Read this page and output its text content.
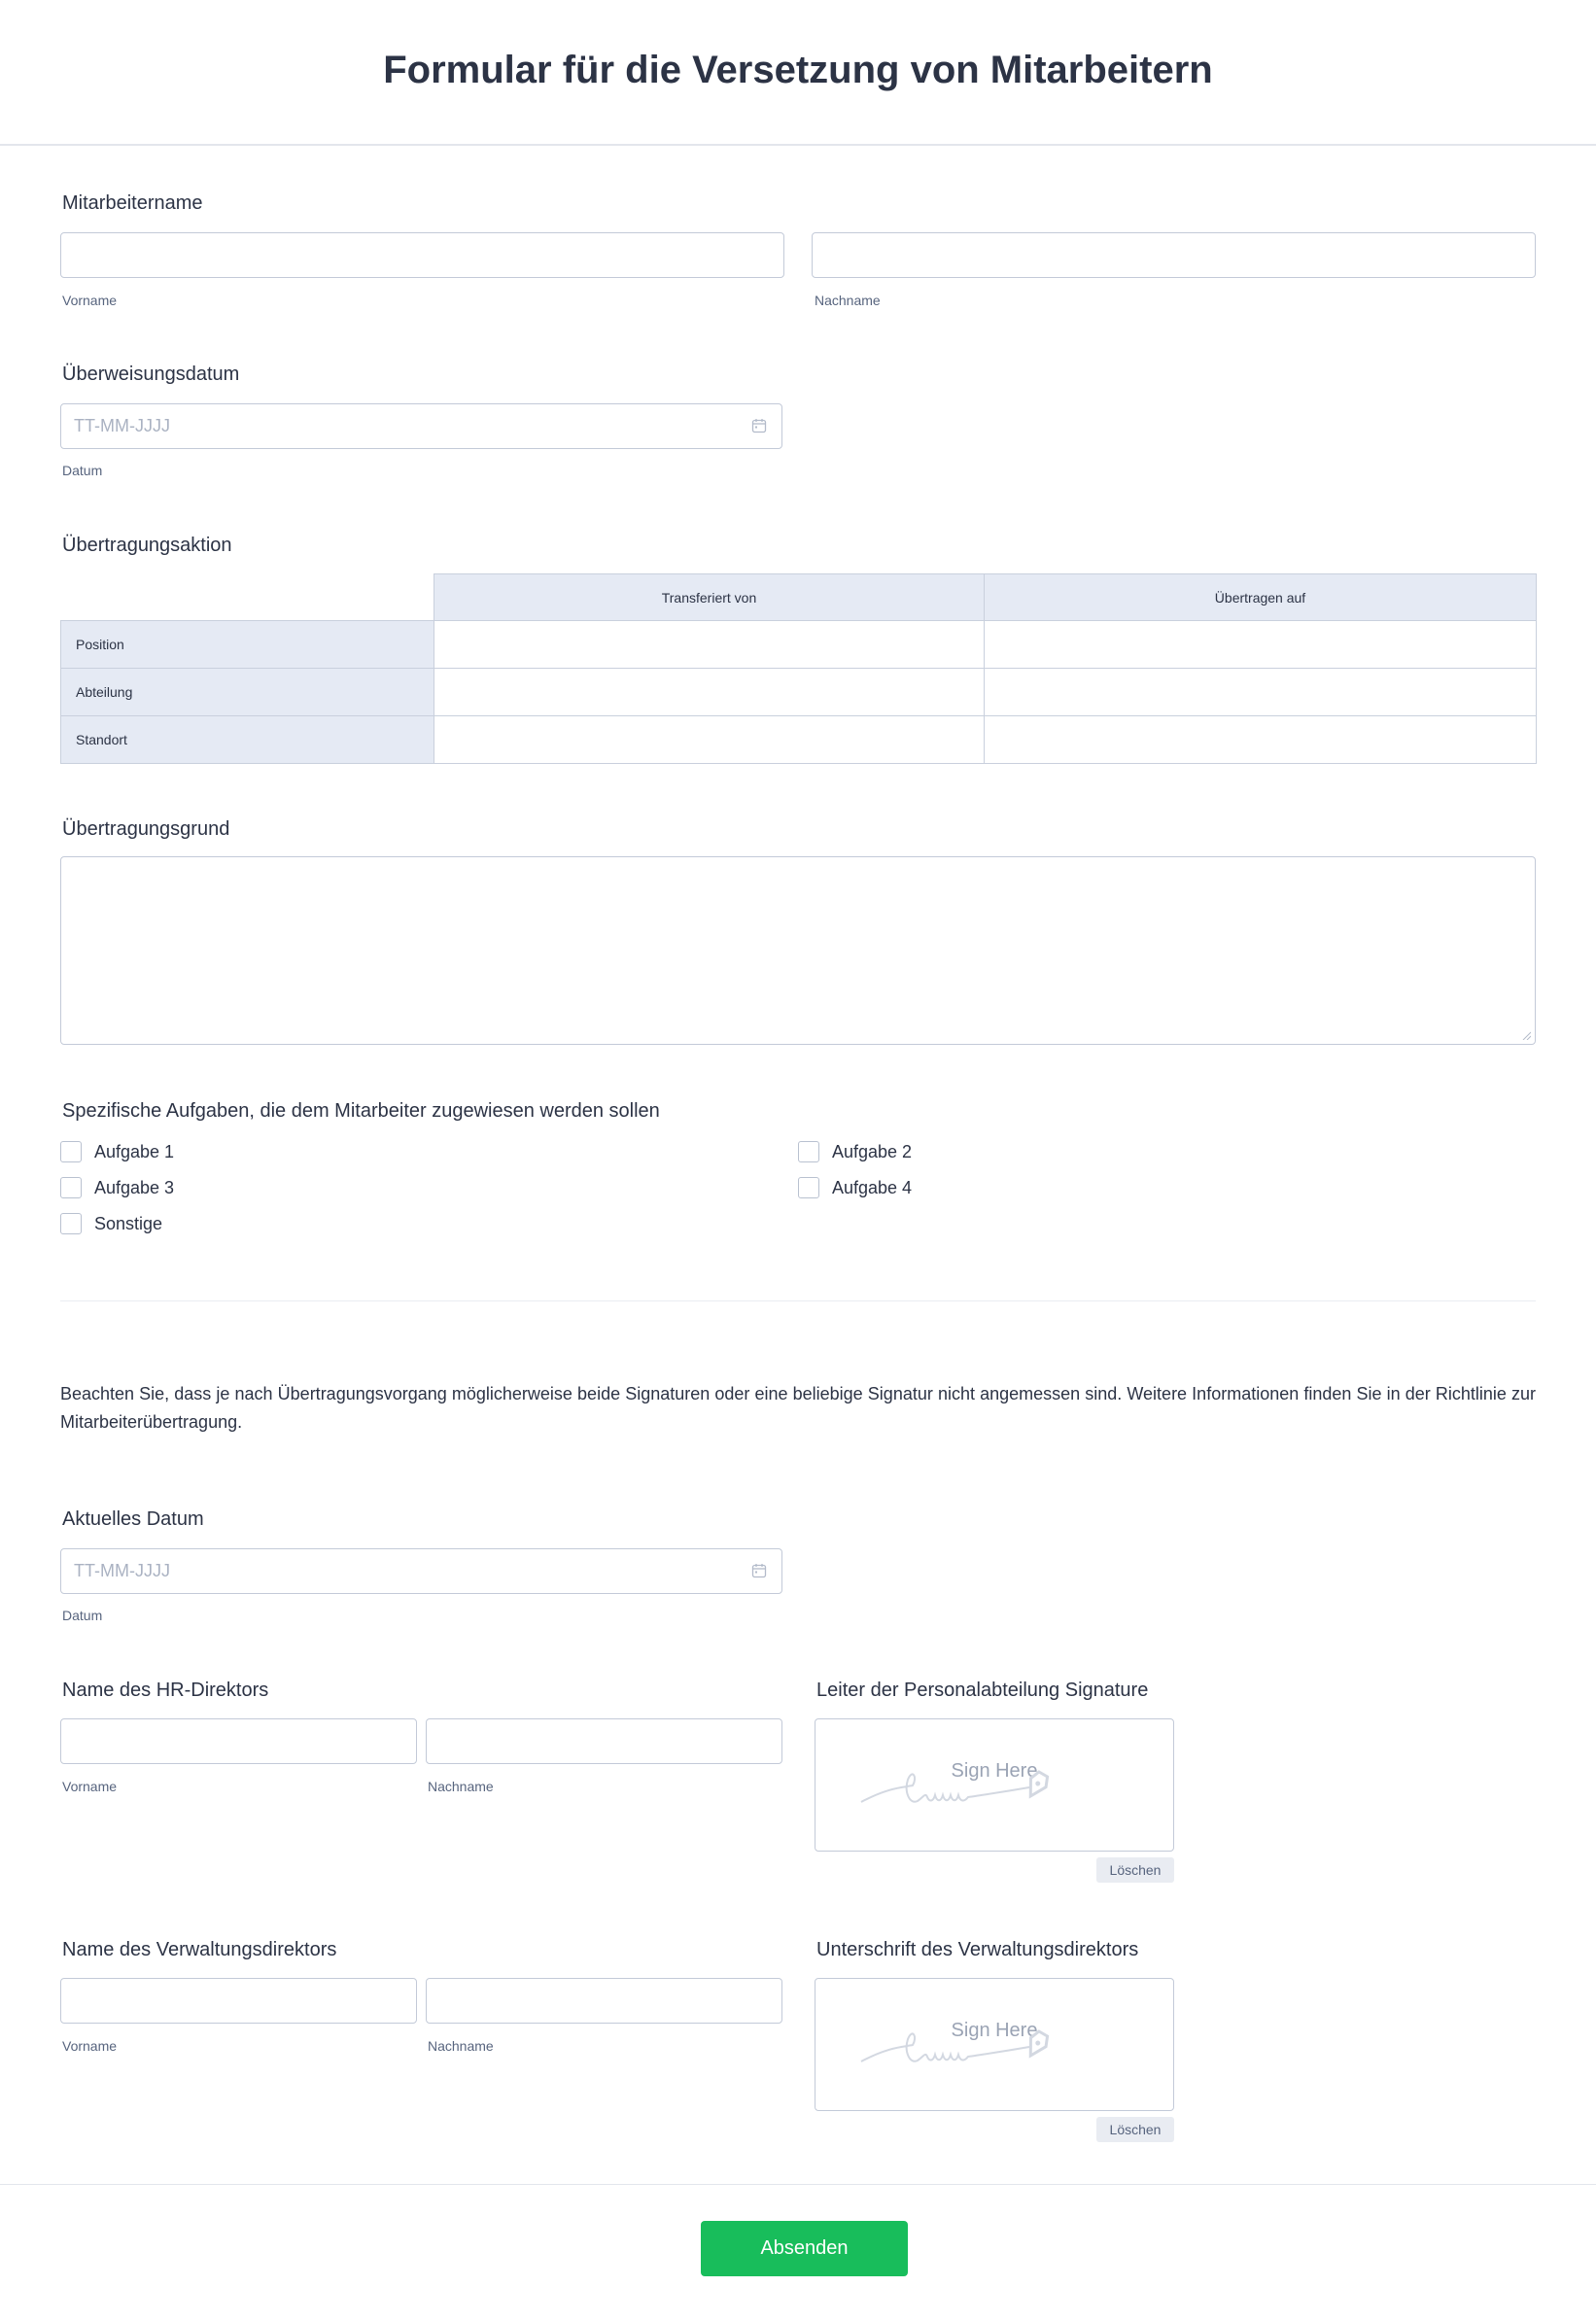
Formular für die Versetzung von Mitarbeitern
Mitarbeitername
Vorname	Nachname
Überweisungsdatum
TT-MM-JJJJ
Datum
Übertragungsaktion
	Transferiert von	Übertragen auf
Position		
Abteilung		
Standort		
Übertragungsgrund
Spezifische Aufgaben, die dem Mitarbeiter zugewiesen werden sollen
Aufgabe 1	Aufgabe 2
Aufgabe 3	Aufgabe 4
Sonstige
Beachten Sie, dass je nach Übertragungsvorgang möglicherweise beide Signaturen oder eine beliebige Signatur nicht angemessen sind. Weitere Informationen finden Sie in der Richtlinie zur Mitarbeiterübertragung.
Aktuelles Datum
TT-MM-JJJJ
Datum
Name des HR-Direktors
Vorname	Nachname
Leiter der Personalabteilung Signature
Sign Here
Löschen
Name des Verwaltungsdirektors
Vorname	Nachname
Unterschrift des Verwaltungsdirektors
Sign Here
Löschen
Absenden
